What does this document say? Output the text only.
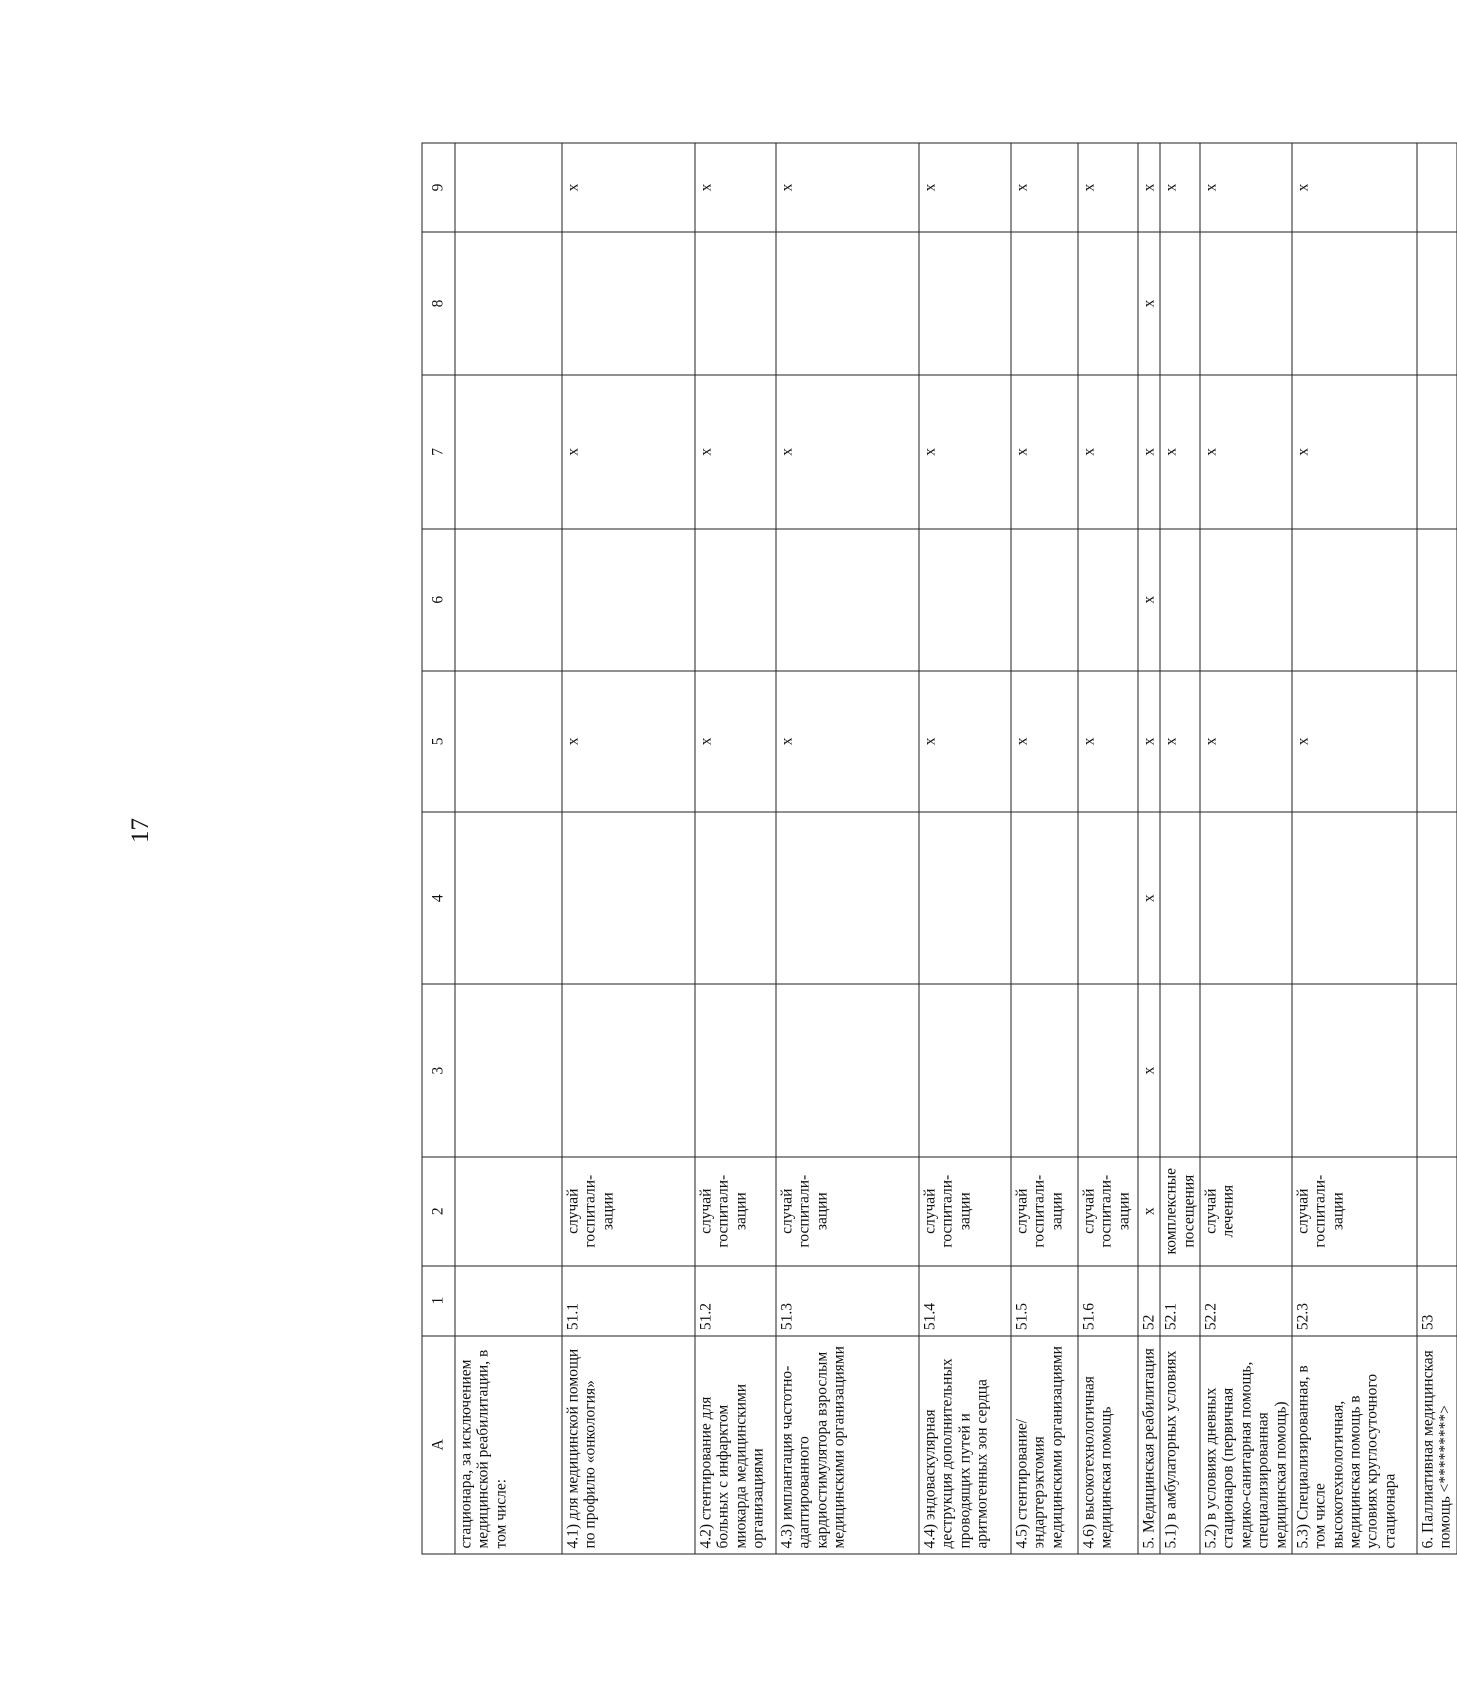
17
А	1	2	3	4	5	6	7	8	9
стационара, за исключением медицинской реабилитации, в том числе:									
4.1) для медицинской помощи по профилю «онкология»	51.1	случай госпитали-зации			х		х		х
4.2) стентирование для больных с инфарктом миокарда медицинскими организациями	51.2	случай госпитали-зации			х		х		х
4.3) имплантация частотно-адаптированного кардиостимулятора взрослым медицинскими организациями	51.3	случай госпитали-зации			х		х		х
4.4) эндоваскулярная деструкция дополнительных проводящих путей и аритмогенных зон сердца	51.4	случай госпитали-зации			х		х		х
4.5) стентирование/ эндартерэктомия медицинскими организациями	51.5	случай госпитали-зации			х		х		х
4.6) высокотехнологичная медицинская помощь	51.6	случай госпитали-зации			х		х		х
5. Медицинская реабилитация	52	х	х	х	х	х	х	х	х
5.1) в амбулаторных условиях	52.1	комплексные посещения			х		х		х
5.2) в условиях дневных стационаров (первичная медико-санитарная помощь, специализированная медицинская помощь)	52.2	случай лечения			х		х		х
5.3) Специализированная, в том числе высокотехнологичная, медицинская помощь в условиях круглосуточного стационара	52.3	случай госпитали-зации			х		х		х
6. Паллиативная медицинская помощь <*********>	53								
